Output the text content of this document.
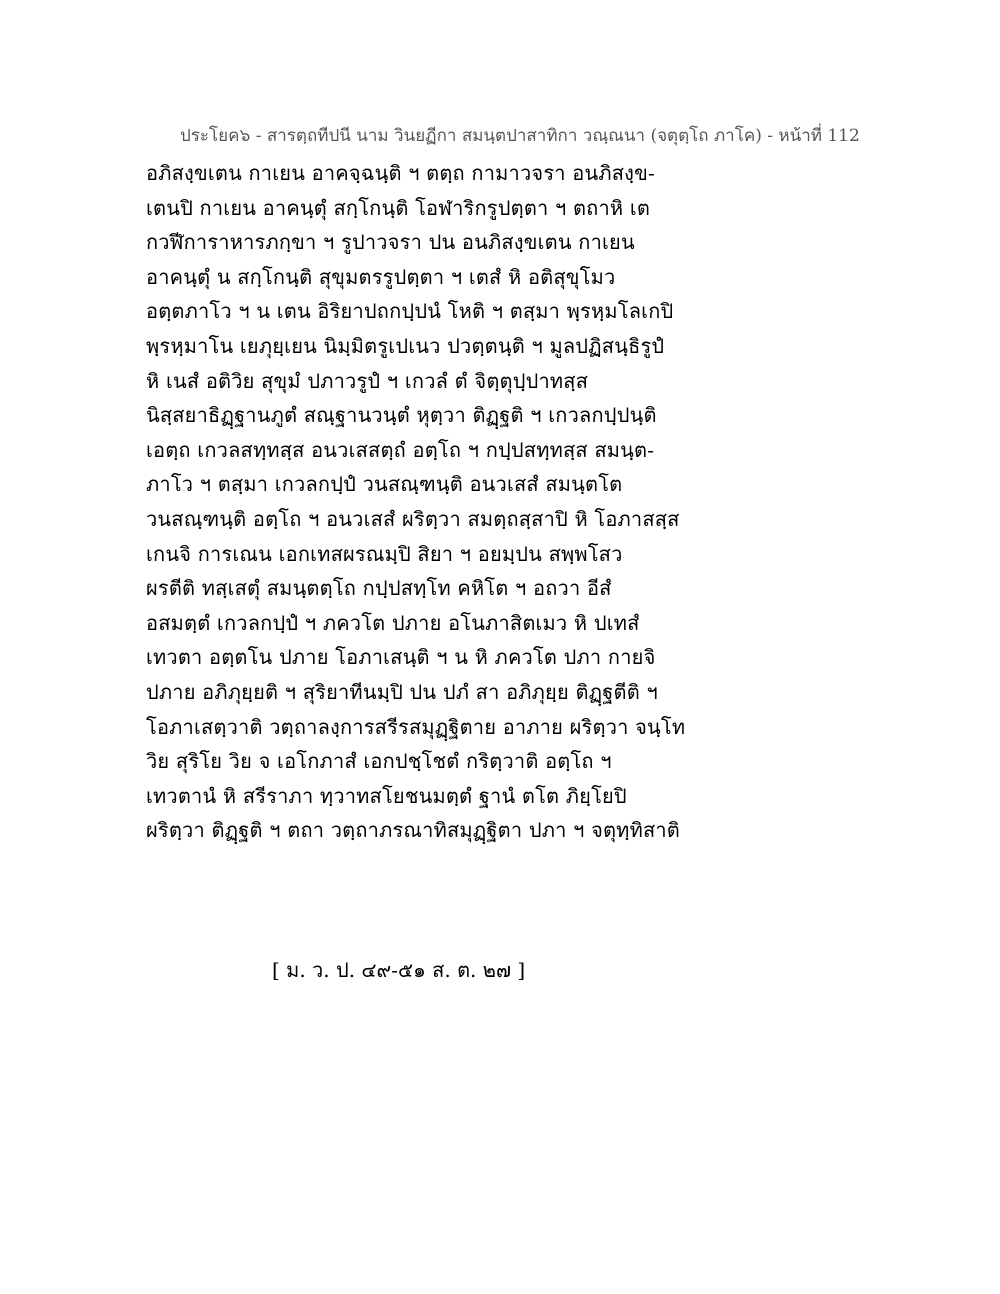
ประโยค๖ - สารตฺถทีปนี นาม วินยฏีกา สมนฺตปาสาทิกา วณฺณนา (จตุตฺโถ ภาโค) - หน้าที่ 112
อภิสงฺขเตน กาเยน อาคจฺฉนฺติ ฯ ตตฺถ กามาวจรา อนภิสงฺข-
เตนปิ กาเยน อาคนฺตุํ สกฺโกนฺติ โอฬาริกรูปตฺตา ฯ ตถาหิ เต
กวฬีการาหารภกฺขา ฯ รูปาวจรา ปน อนภิสงฺขเตน กาเยน
อาคนฺตุํ น สกฺโกนฺติ สุขุมตรรูปตฺตา ฯ เตสํ หิ อติสุขุโมว
อตฺตภาโว ฯ น เตน อิริยาปถกปฺปนํ โหติ ฯ ตสฺมา พฺรหฺมโลเกปิ
พฺรหฺมาโน เยภุยฺเยน นิมฺมิตรูเปเนว ปวตฺตนฺติ ฯ มูลปฏิสนฺธิรูปํ
หิ เนสํ อติวิย สุขุมํ ปภาวรูปํ ฯ เกวลํ ตํ จิตฺตุปฺปาทสฺส
นิสฺสยาธิฏฺฐานภูตํ สณฺฐานวนฺตํ หุตฺวา ติฏฺฐติ ฯ เกวลกปฺปนฺติ
เอตฺถ เกวลสทฺทสฺส อนวเสสตฺถํ อตฺโถ ฯ กปฺปสทฺทสฺส สมนฺต-
ภาโว ฯ ตสฺมา เกวลกปฺปํ วนสณฺฑนฺติ อนวเสสํ สมนฺตโต
วนสณฺฑนฺติ อตฺโถ ฯ อนวเสสํ ผริตฺวา สมตฺถสฺสาปิ หิ โอภาสสฺส
เกนจิ การเณน เอกเทสผรณมฺปิ สิยา ฯ อยมฺปน สพฺพโสว
ผรตีติ ทสฺเสตุํ สมนฺตตฺโถ กปฺปสทฺโท คหิโต ฯ อถวา อีสํ
อสมตฺตํ เกวลกปฺปํ ฯ ภควโต ปภาย อโนภาสิตเมว หิ ปเทสํ
เทวตา อตฺตโน ปภาย โอภาเสนฺติ ฯ น หิ ภควโต ปภา กายจิ
ปภาย อภิภุยฺยติ ฯ สุริยาทีนมฺปิ ปน ปภํ สา อภิภุยฺย ติฏฺฐตีติ ฯ
โอภาเสตฺวาติ วตฺถาลงฺการสรีรสมุฏฺฐิตาย อาภาย ผริตฺวา จนฺโท
วิย สุริโย วิย จ เอโกภาสํ เอกปชฺโชตํ กริตฺวาติ อตฺโถ ฯ
เทวตานํ หิ สรีราภา ทฺวาทสโยชนมตฺตํ ฐานํ ตโต ภิยฺโยปิ
ผริตฺวา ติฏฺฐติ ฯ ตถา วตฺถาภรณาทิสมุฏฺฐิตา ปภา ฯ จตุทฺทิสาติ
[ ม. ว. ป. ๔๙-๕๑ ส. ต. ๒๗ ]
